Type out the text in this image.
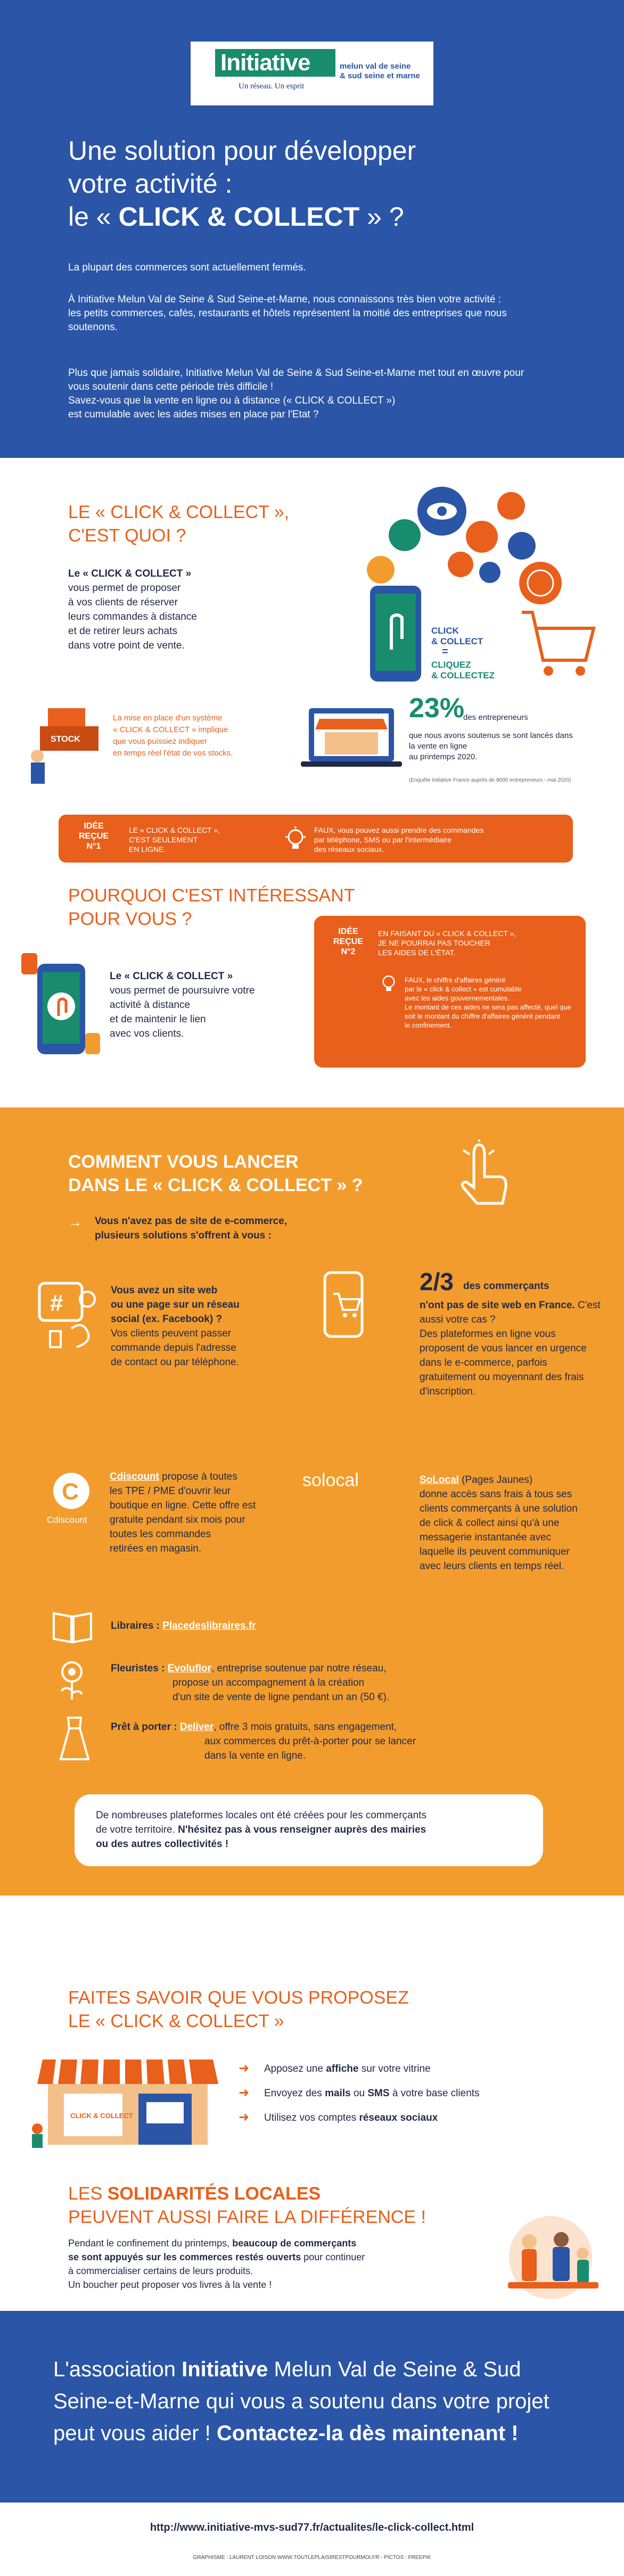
Initiative	melun val de seine
& sud seine et marne
Un réseau. Un esprit
Une solution pour développer
votre activité :
le « CLICK & COLLECT » ?

La plupart des commerces sont actuellement fermés.

À Initiative Melun Val de Seine & Sud Seine-et-Marne, nous connaissons très bien votre activité :
les petits commerces, cafés, restaurants et hôtels représentent la moitié des entreprises que nous soutenons.

Plus que jamais solidaire, Initiative Melun Val de Seine & Sud Seine-et-Marne met tout en œuvre pour vous soutenir dans cette période très difficile !
Savez-vous que la vente en ligne ou à distance (« CLICK & COLLECT »)
est cumulable avec les aides mises en place par l'Etat ?

LE « CLICK & COLLECT »,
C'EST QUOI ?

Le « CLICK & COLLECT »
vous permet de proposer
à vos clients de réserver
leurs commandes à distance
et de retirer leurs achats
dans votre point de vente.

CLICK
& COLLECT
=
CLIQUEZ
& COLLECTEZ
STOCK

La mise en place d'un système
« CLICK & COLLECT » implique
que vous puissiez indiquer
en temps réel l'état de vos stocks.

23%

des entrepreneurs

que nous avons soutenus se sont lancés dans
la vente en ligne
au printemps 2020.

(Enquête Initiative France auprès de 8000 entrepreneurs - mai 2020)

IDÉE
REÇUE
N°1
LE « CLICK & COLLECT »,
C'EST SEULEMENT
EN LIGNE.
FAUX, vous pouvez aussi prendre des commandes
par téléphone, SMS ou par l'intermédiaire
des réseaux sociaux.
POURQUOI C'EST INTÉRESSANT
POUR VOUS ?

Le « CLICK & COLLECT »
vous permet de poursuivre votre
activité à distance
et de maintenir le lien
avec vos clients.

IDÉE
REÇUE
N°2
EN FAISANT DU « CLICK & COLLECT »,
JE NE POURRAI PAS TOUCHER
LES AIDES DE L'ÉTAT.
FAUX, le chiffre d'affaires généré
par le « click & collect » est cumulable
avec les aides gouvernementales.
Le montant de ces aides ne sera pas affecté, quel que
soit le montant du chiffre d'affaires généré pendant
le confinement.
COMMENT VOUS LANCER
DANS LE « CLICK & COLLECT » ?
→ Vous n'avez pas de site de e-commerce,
plusieurs solutions s'offrent à vous :

#	Vous avez un site web
ou une page sur un réseau
social (ex. Facebook) ?
Vos clients peuvent passer
commande depuis l'adresse
de contact ou par téléphone.

2/3 des commerçants

n'ont pas de site web en France. C'est
aussi votre cas ?
Des plateformes en ligne vous
proposent de vous lancer en urgence
dans le e-commerce, parfois
gratuitement ou moyennant des frais
d'inscription.

C
Cdiscount

Cdiscount propose à toutes
les TPE / PME d'ouvrir leur
boutique en ligne. Cette offre est
gratuite pendant six mois pour
toutes les commandes
retirées en magasin.

solocal	SoLocal (Pages Jaunes)
donne accès sans frais à tous ses
clients commerçants à une solution
de click & collect ainsi qu'à une
messagerie instantanée avec
laquelle ils peuvent communiquer
avec leurs clients en temps réel.

Libraires : Placedeslibraires.fr

Fleuristes : Evoluflor, entreprise soutenue par notre réseau,
propose un accompagnement à la création
d'un site de vente de ligne pendant un an (50 €).

Prêt à porter : Deliver, offre 3 mois gratuits, sans engagement,
aux commerces du prêt-à-porter pour se lancer
dans la vente en ligne.

De nombreuses plateformes locales ont été créées pour les commerçants
de votre territoire. N'hésitez pas à vous renseigner auprès des mairies
ou des autres collectivités !
FAITES SAVOIR QUE VOUS PROPOSEZ
LE « CLICK & COLLECT »
CLICK & COLLECT
➜ Apposez une affiche sur votre vitrine

➜ Envoyez des mails ou SMS à votre base clients

➜ Utilisez vos comptes réseaux sociaux

LES SOLIDARITÉS LOCALES
PEUVENT AUSSI FAIRE LA DIFFÉRENCE !

Pendant le confinement du printemps, beaucoup de commerçants
se sont appuyés sur les commerces restés ouverts pour continuer
à commercialiser certains de leurs produits.
Un boucher peut proposer vos livres à la vente !

L'association Initiative Melun Val de Seine & Sud
Seine-et-Marne qui vous a soutenu dans votre projet
peut vous aider ! Contactez-la dès maintenant !

http://www.initiative-mvs-sud77.fr/actualites/le-click-collect.html

GRAPHISME : LAURENT LOISON WWW.TOUTLEPLAISIRESTPOURMOI.FR - PICTOS : FREEPIK
